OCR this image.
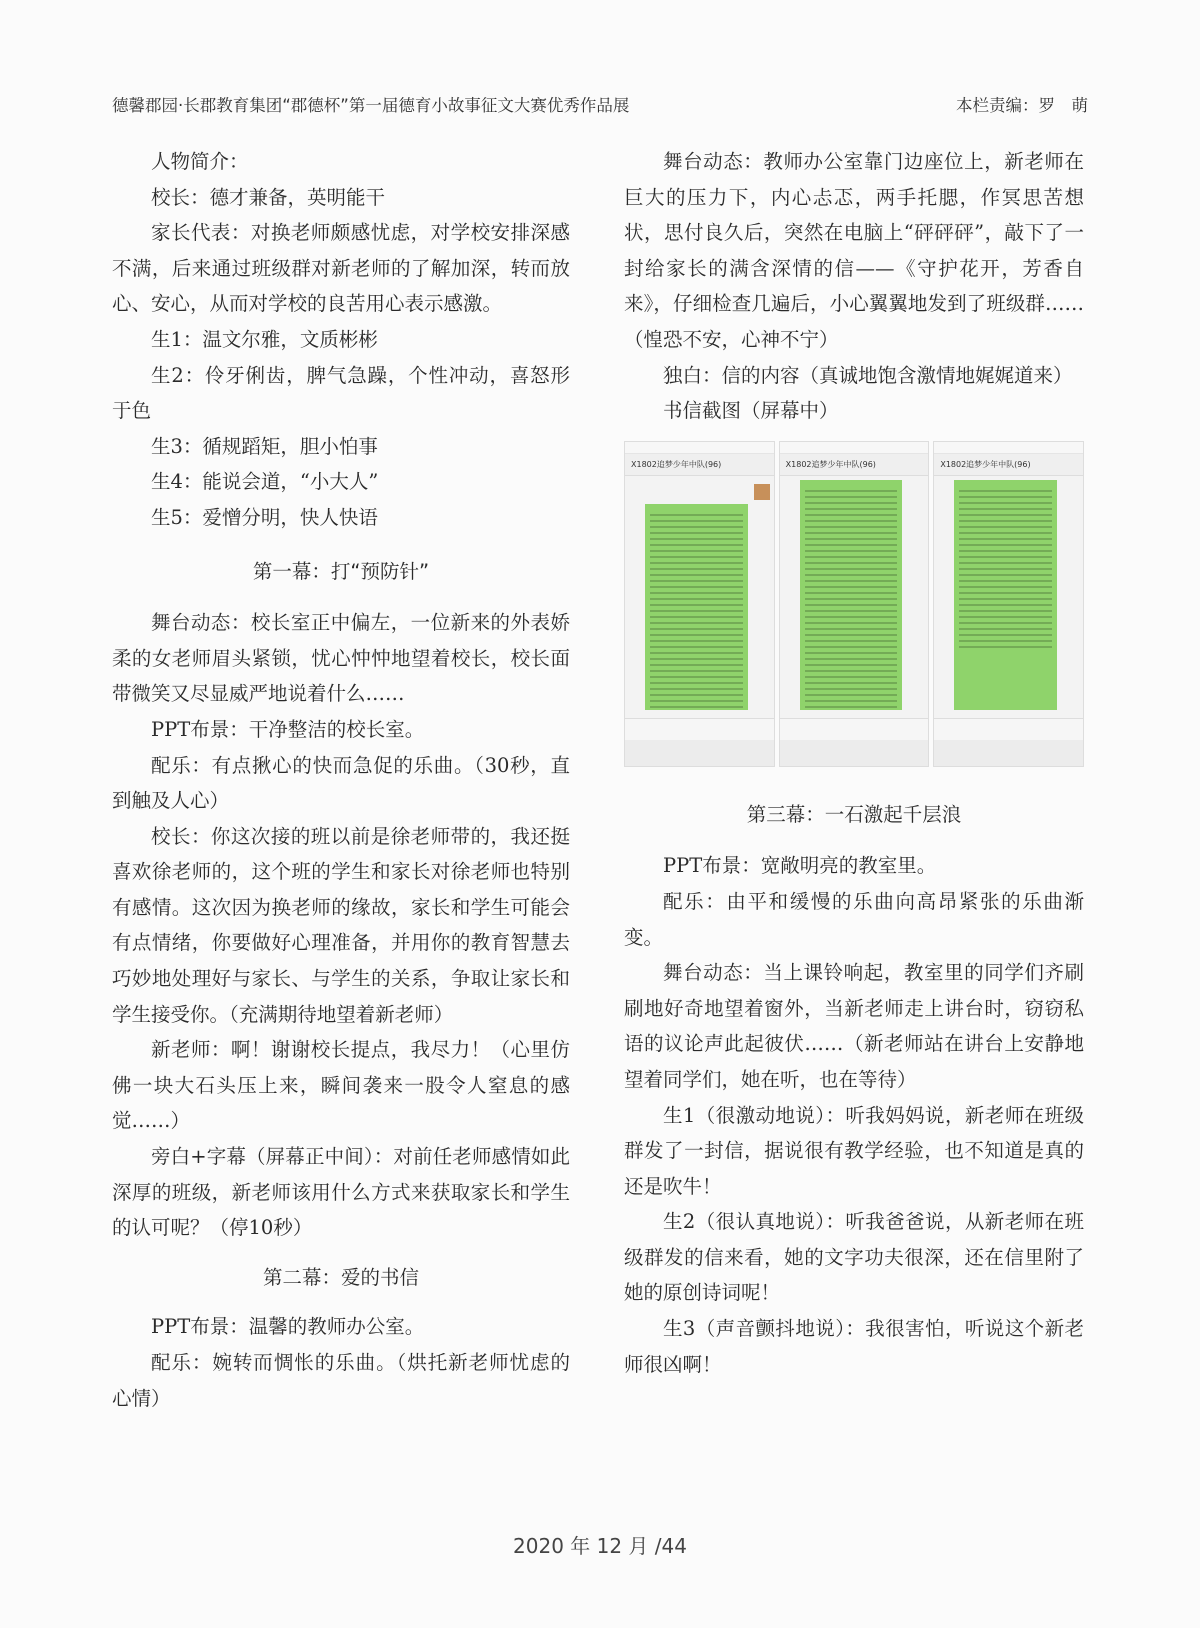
德馨郡园·长郡教育集团“郡德杯”第一届德育小故事征文大赛优秀作品展	本栏责编：罗　萌

人物简介：

校长：德才兼备，英明能干

家长代表：对换老师颇感忧虑，对学校安排深感不满，后来通过班级群对新老师的了解加深，转而放心、安心，从而对学校的良苦用心表示感激。

生1：温文尔雅，文质彬彬

生2：伶牙俐齿，脾气急躁，个性冲动，喜怒形于色

生3：循规蹈矩，胆小怕事

生4：能说会道，“小大人”

生5：爱憎分明，快人快语

第一幕：打“预防针”

舞台动态：校长室正中偏左，一位新来的外表娇柔的女老师眉头紧锁，忧心忡忡地望着校长，校长面带微笑又尽显威严地说着什么……

PPT布景：干净整洁的校长室。

配乐：有点揪心的快而急促的乐曲。（30秒，直到触及人心）

校长：你这次接的班以前是徐老师带的，我还挺喜欢徐老师的，这个班的学生和家长对徐老师也特别有感情。这次因为换老师的缘故，家长和学生可能会有点情绪，你要做好心理准备，并用你的教育智慧去巧妙地处理好与家长、与学生的关系，争取让家长和学生接受你。（充满期待地望着新老师）

新老师：啊！谢谢校长提点，我尽力！（心里仿佛一块大石头压上来，瞬间袭来一股令人窒息的感觉……）

旁白+字幕（屏幕正中间）：对前任老师感情如此深厚的班级，新老师该用什么方式来获取家长和学生的认可呢？（停10秒）

第二幕：爱的书信

PPT布景：温馨的教师办公室。

配乐：婉转而惆怅的乐曲。（烘托新老师忧虑的心情）

舞台动态：教师办公室靠门边座位上，新老师在巨大的压力下，内心忐忑，两手托腮，作冥思苦想状，思付良久后，突然在电脑上“砰砰砰”，敲下了一封给家长的满含深情的信——《守护花开，芳香自来》，仔细检查几遍后，小心翼翼地发到了班级群……（惶恐不安，心神不宁）

独白：信的内容（真诚地饱含激情地娓娓道来）

书信截图（屏幕中）

X1802追梦少年中队(96)	X1802追梦少年中队(96)	X1802追梦少年中队(96)
第三幕：一石激起千层浪

PPT布景：宽敞明亮的教室里。

配乐：由平和缓慢的乐曲向高昂紧张的乐曲渐变。

舞台动态：当上课铃响起，教室里的同学们齐刷刷地好奇地望着窗外，当新老师走上讲台时，窃窃私语的议论声此起彼伏……（新老师站在讲台上安静地望着同学们，她在听，也在等待）

生1（很激动地说）：听我妈妈说，新老师在班级群发了一封信，据说很有教学经验，也不知道是真的还是吹牛！

生2（很认真地说）：听我爸爸说，从新老师在班级群发的信来看，她的文字功夫很深，还在信里附了她的原创诗词呢！

生3（声音颤抖地说）：我很害怕，听说这个新老师很凶啊！

2020 年 12 月 /44
